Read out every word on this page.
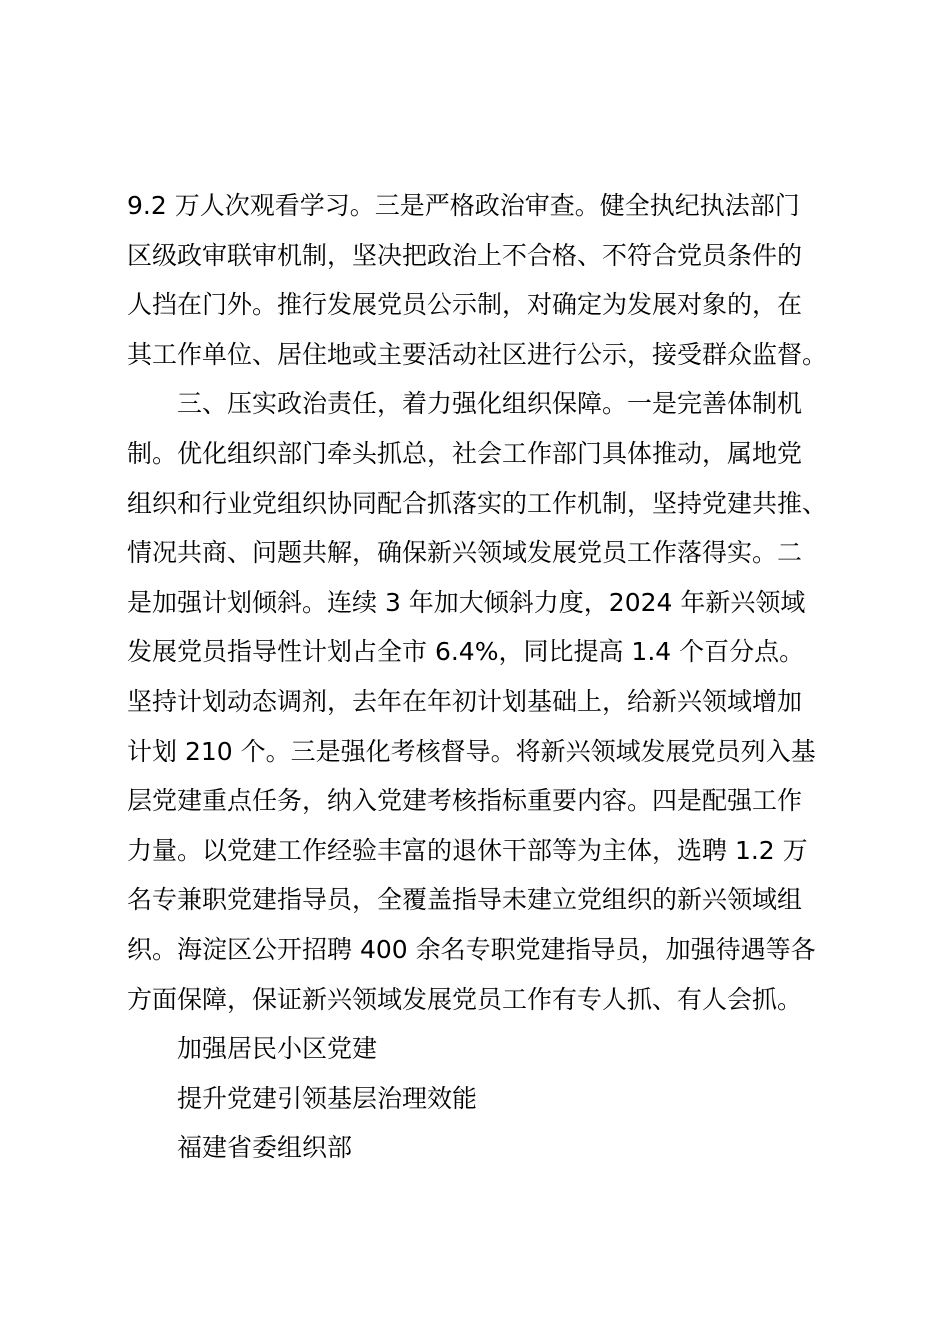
9.2 万人次观看学习。三是严格政治审查。健全执纪执法部门
区级政审联审机制，坚决把政治上不合格、不符合党员条件的
人挡在门外。推行发展党员公示制，对确定为发展对象的，在
其工作单位、居住地或主要活动社区进行公示，接受群众监督。
三、压实政治责任，着力强化组织保障。一是完善体制机
制。优化组织部门牵头抓总，社会工作部门具体推动，属地党
组织和行业党组织协同配合抓落实的工作机制，坚持党建共推、
情况共商、问题共解，确保新兴领域发展党员工作落得实。二
是加强计划倾斜。连续 3 年加大倾斜力度，2024 年新兴领域
发展党员指导性计划占全市 6.4%，同比提高 1.4 个百分点。
坚持计划动态调剂，去年在年初计划基础上，给新兴领域增加
计划 210 个。三是强化考核督导。将新兴领域发展党员列入基
层党建重点任务，纳入党建考核指标重要内容。四是配强工作
力量。以党建工作经验丰富的退休干部等为主体，选聘 1.2 万
名专兼职党建指导员，全覆盖指导未建立党组织的新兴领域组
织。海淀区公开招聘 400 余名专职党建指导员，加强待遇等各
方面保障，保证新兴领域发展党员工作有专人抓、有人会抓。
加强居民小区党建
提升党建引领基层治理效能
福建省委组织部
